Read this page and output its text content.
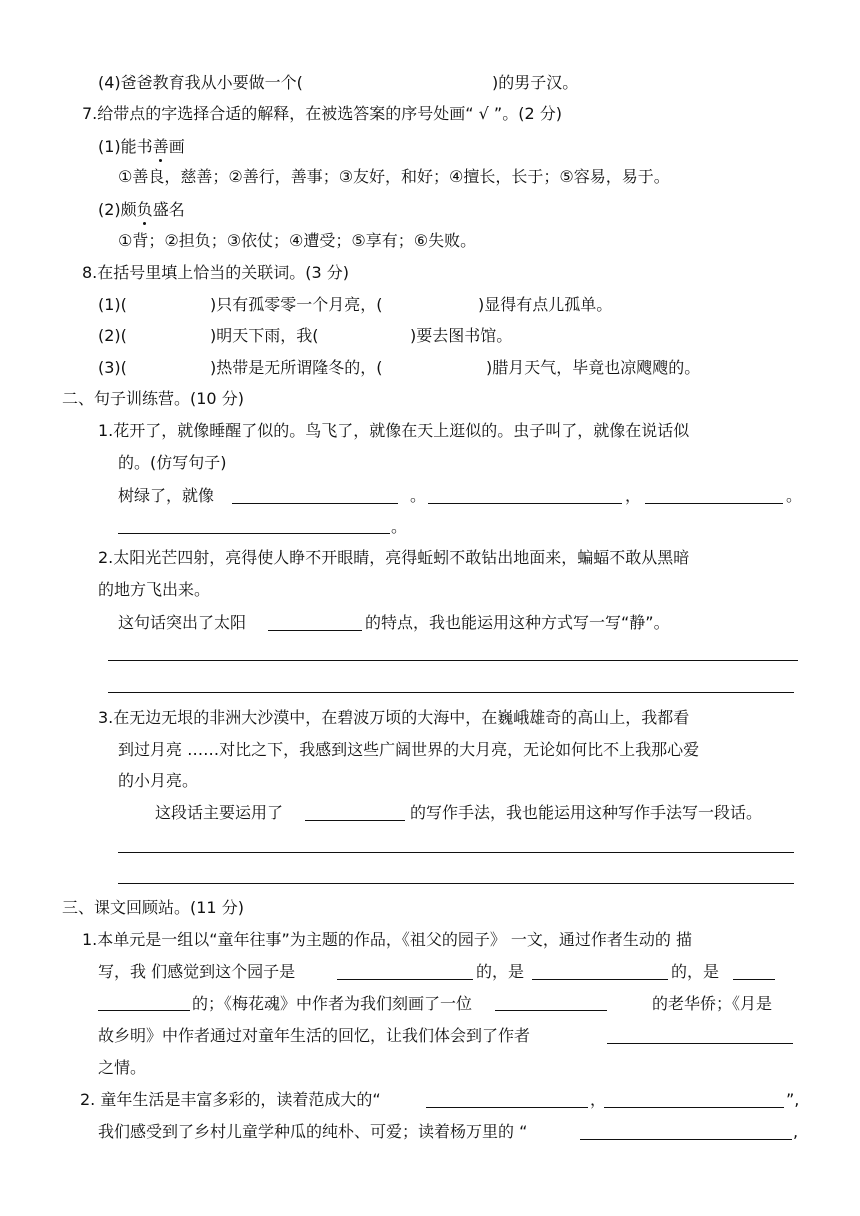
(4)爸爸教育我从小要做一个(	)的男子汉。
7.给带点的字选择合适的解释，在被选答案的序号处画“ √ ”。(2 分)
(1)能书善画
①善良，慈善；②善行，善事；③友好，和好；④擅长，长于；⑤容易，易于。
(2)颇负盛名
①背；②担负；③依仗；④遭受；⑤享有；⑥失败。
8.在括号里填上恰当的关联词。(3 分)
(1)(	)只有孤零零一个月亮，(	)显得有点儿孤单。
(2)(	)明天下雨，我(	)要去图书馆。
(3)(	)热带是无所谓隆冬的，(	)腊月天气，毕竟也凉飕飕的。
二、句子训练营。(10 分)
1.花开了，就像睡醒了似的。鸟飞了，就像在天上逛似的。虫子叫了，就像在说话似
的。(仿写句子)
树绿了，就像	。	，	。
。
2.太阳光芒四射，亮得使人睁不开眼睛，亮得蚯蚓不敢钻出地面来，蝙蝠不敢从黑暗
的地方飞出来。
这句话突出了太阳	的特点，我也能运用这种方式写一写“静”。
3.在无边无垠的非洲大沙漠中，在碧波万顷的大海中，在巍峨雄奇的高山上，我都看
到过月亮 ……对比之下，我感到这些广阔世界的大月亮，无论如何比不上我那心爱
的小月亮。
这段话主要运用了	的写作手法，我也能运用这种写作手法写一段话。
三、课文回顾站。(11 分)
1.本单元是一组以“童年往事”为主题的作品，《祖父的园子》 一文，通过作者生动的 描
写，我 们感觉到这个园子是	的，是	的，是
的；《梅花魂》中作者为我们刻画了一位	的老华侨；《月是
故乡明》中作者通过对童年生活的回忆，让我们体会到了作者
之情。
2. 童年生活是丰富多彩的，读着范成大的“	，	”,
我们感受到了乡村儿童学种瓜的纯朴、可爱；读着杨万里的 “	,
